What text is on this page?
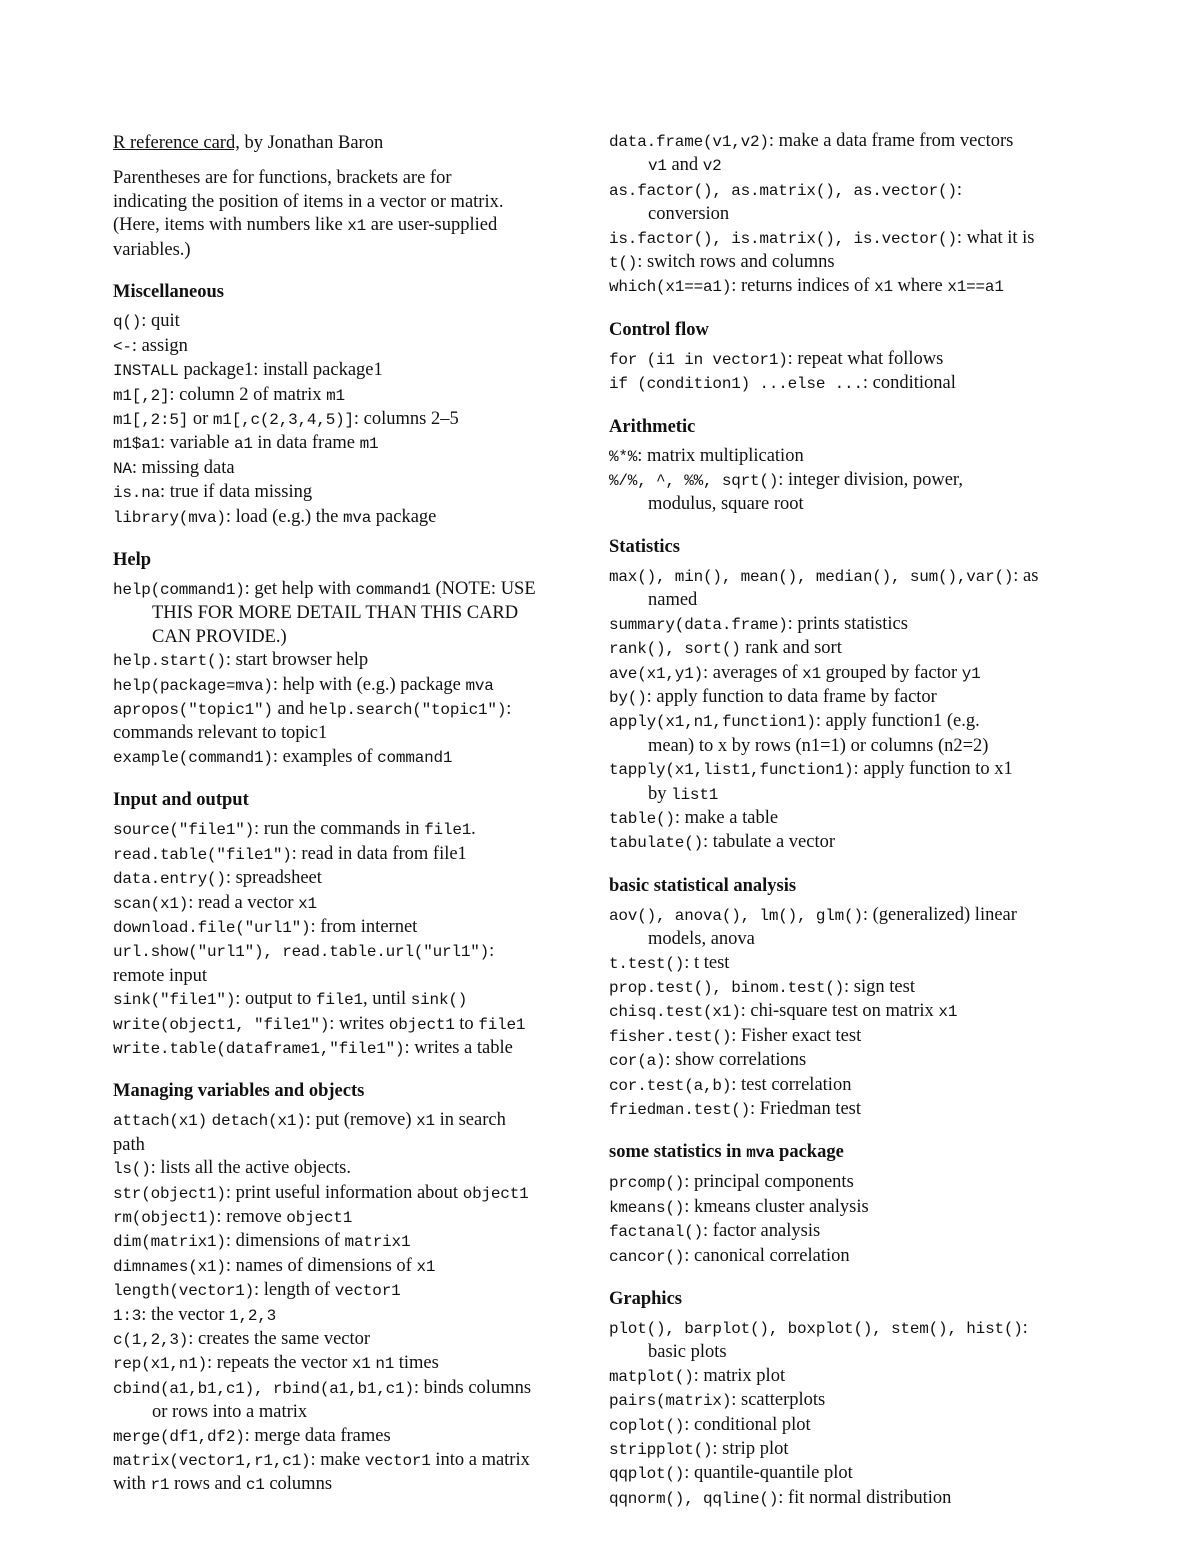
R reference card, by Jonathan Baron
Parentheses are for functions, brackets are for
indicating the position of items in a vector or matrix.
(Here, items with numbers like x1 are user-supplied
variables.)
Miscellaneous
q(): quit
<-: assign
INSTALL package1: install package1
m1[,2]: column 2 of matrix m1
m1[,2:5] or m1[,c(2,3,4,5)]: columns 2–5
m1$a1: variable a1 in data frame m1
NA: missing data
is.na: true if data missing
library(mva): load (e.g.) the mva package
Help
help(command1): get help with command1 (NOTE: USE
THIS FOR MORE DETAIL THAN THIS CARD
CAN PROVIDE.)
help.start(): start browser help
help(package=mva): help with (e.g.) package mva
apropos("topic1") and help.search("topic1"):
commands relevant to topic1
example(command1): examples of command1
Input and output
source("file1"): run the commands in file1.
read.table("file1"): read in data from file1
data.entry(): spreadsheet
scan(x1): read a vector x1
download.file("url1"): from internet
url.show("url1"), read.table.url("url1"):
remote input
sink("file1"): output to file1, until sink()
write(object1, "file1"): writes object1 to file1
write.table(dataframe1,"file1"): writes a table
Managing variables and objects
attach(x1) detach(x1): put (remove) x1 in search
path
ls(): lists all the active objects.
str(object1): print useful information about object1
rm(object1): remove object1
dim(matrix1): dimensions of matrix1
dimnames(x1): names of dimensions of x1
length(vector1): length of vector1
1:3: the vector 1,2,3
c(1,2,3): creates the same vector
rep(x1,n1): repeats the vector x1 n1 times
cbind(a1,b1,c1), rbind(a1,b1,c1): binds columns
or rows into a matrix
merge(df1,df2): merge data frames
matrix(vector1,r1,c1): make vector1 into a matrix
with r1 rows and c1 columns
data.frame(v1,v2): make a data frame from vectors
v1 and v2
as.factor(), as.matrix(), as.vector():
conversion
is.factor(), is.matrix(), is.vector(): what it is
t(): switch rows and columns
which(x1==a1): returns indices of x1 where x1==a1
Control flow
for (i1 in vector1): repeat what follows
if (condition1) ...else ...: conditional
Arithmetic
%*%: matrix multiplication
%/%, ^, %%, sqrt(): integer division, power,
modulus, square root
Statistics
max(), min(), mean(), median(), sum(),var(): as
named
summary(data.frame): prints statistics
rank(), sort() rank and sort
ave(x1,y1): averages of x1 grouped by factor y1
by(): apply function to data frame by factor
apply(x1,n1,function1): apply function1 (e.g.
mean) to x by rows (n1=1) or columns (n2=2)
tapply(x1,list1,function1): apply function to x1
by list1
table(): make a table
tabulate(): tabulate a vector
basic statistical analysis
aov(), anova(), lm(), glm(): (generalized) linear
models, anova
t.test(): t test
prop.test(), binom.test(): sign test
chisq.test(x1): chi-square test on matrix x1
fisher.test(): Fisher exact test
cor(a): show correlations
cor.test(a,b): test correlation
friedman.test(): Friedman test
some statistics in mva package
prcomp(): principal components
kmeans(): kmeans cluster analysis
factanal(): factor analysis
cancor(): canonical correlation
Graphics
plot(), barplot(), boxplot(), stem(), hist():
basic plots
matplot(): matrix plot
pairs(matrix): scatterplots
coplot(): conditional plot
stripplot(): strip plot
qqplot(): quantile-quantile plot
qqnorm(), qqline(): fit normal distribution
